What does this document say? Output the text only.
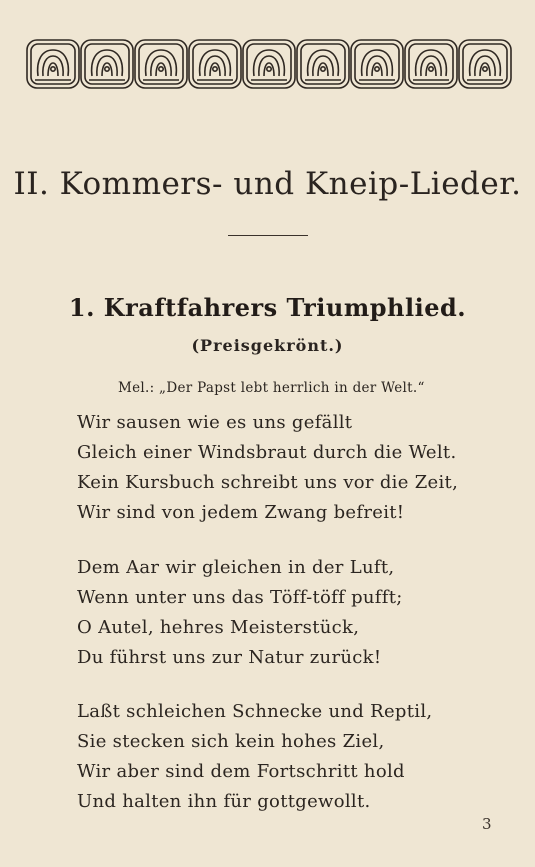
II. Kommers- und Kneip-Lieder.
1. Kraftfahrers Triumphlied.
(Preisgekrönt.)
Mel.: „Der Papst lebt herrlich in der Welt.“
Wir sausen wie es uns gefällt
Gleich einer Windsbraut durch die Welt.
Kein Kursbuch schreibt uns vor die Zeit,
Wir sind von jedem Zwang befreit!
Dem Aar wir gleichen in der Luft,
Wenn unter uns das Töff-töff pufft;
O Autel, hehres Meisterstück,
Du führst uns zur Natur zurück!
Laßt schleichen Schnecke und Reptil,
Sie stecken sich kein hohes Ziel,
Wir aber sind dem Fortschritt hold
Und halten ihn für gottgewollt.
3
